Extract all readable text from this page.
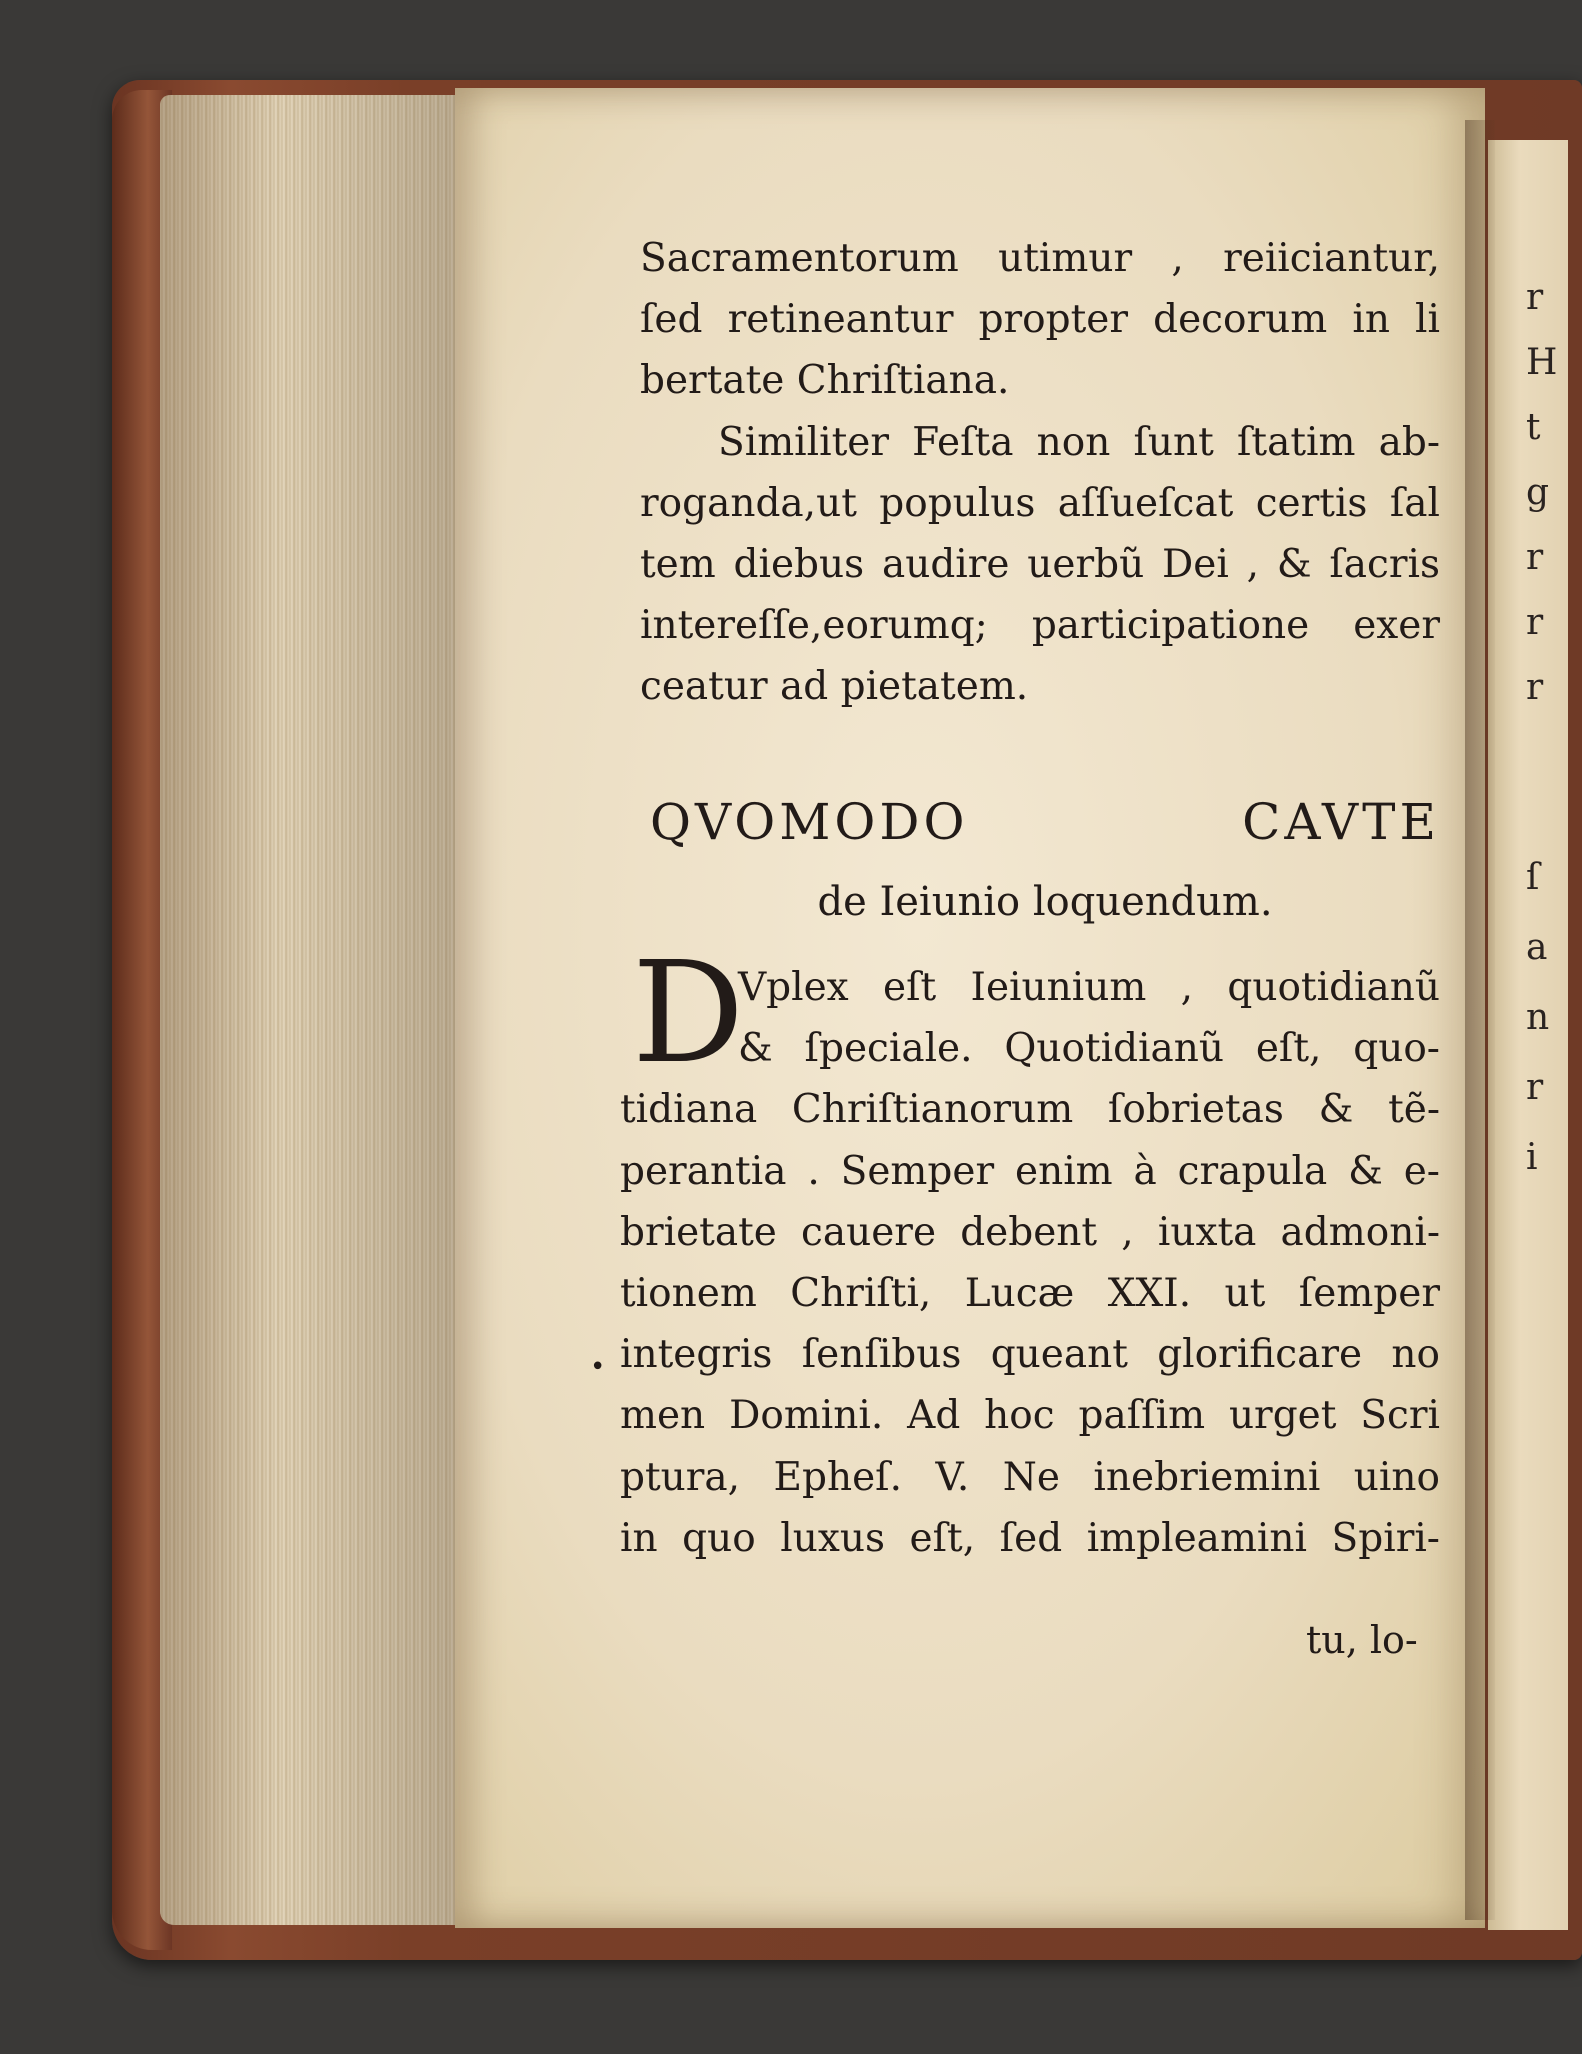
r
H
t
g
r
r
r
ſ
a
n
r
i
Sacramentorum utimur , reiiciantur,
ſed retineantur propter decorum in li
bertate Chriſtiana.
Similiter Feſta non ſunt ſtatim ab-
roganda,ut populus aſſueſcat certis ſal
tem diebus audire uerbũ Dei , & ſacris
intereſſe,eorumq; participatione exer
ceatur ad pietatem.
QVOMODO CAVTE
de Ieiunio loquendum.
D
Vplex eſt Ieiunium , quotidianũ
& ſpeciale. Quotidianũ eſt, quo-
tidiana Chriſtianorum ſobrietas & tẽ-
perantia . Semper enim à crapula & e-
brietate cauere debent , iuxta admoni-
tionem Chriſti, Lucæ XXI. ut ſemper
integris ſenſibus queant glorificare no
men Domini. Ad hoc paſſim urget Scri
ptura, Epheſ. V. Ne inebriemini uino
in quo luxus eſt, ſed impleamini Spiri-
•
tu, lo-
